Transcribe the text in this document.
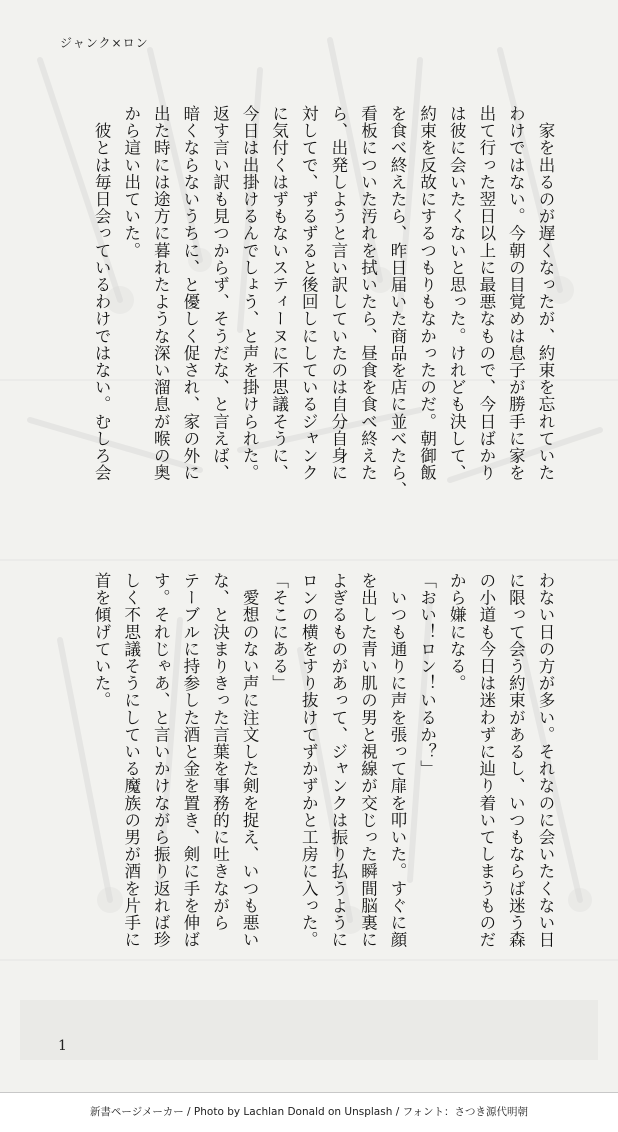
ジャンク×ロン
　家を出るのが遅くなったが、約束を忘れていた
わけではない。今朝の目覚めは息子が勝手に家を
出て行った翌日以上に最悪なもので、今日ばかり
は彼に会いたくないと思った。けれども決して、
約束を反故にするつもりもなかったのだ。朝御飯
を食べ終えたら、昨日届いた商品を店に並べたら、
看板についた汚れを拭いたら、昼食を食べ終えた
ら、出発しようと言い訳していたのは自分自身に
対してで、ずるずると後回しにしているジャンク
に気付くはずもないスティーヌに不思議そうに、
今日は出掛けるんでしょう、と声を掛けられた。
返す言い訳も見つからず、そうだな、と言えば、
暗くならないうちに、と優しく促され、家の外に
出た時には途方に暮れたような深い溜息が喉の奥
から這い出ていた。
　彼とは毎日会っているわけではない。むしろ会
わない日の方が多い。それなのに会いたくない日
に限って会う約束があるし、いつもならば迷う森
の小道も今日は迷わずに辿り着いてしまうものだ
から嫌になる。
「おい！ロン！いるか？」
　いつも通りに声を張って扉を叩いた。すぐに顔
を出した青い肌の男と視線が交じった瞬間脳裏に
よぎるものがあって、ジャンクは振り払うように
ロンの横をすり抜けてずかずかと工房に入った。
「そこにある」
　愛想のない声に注文した剣を捉え、いつも悪い
な、と決まりきった言葉を事務的に吐きながら
テーブルに持参した酒と金を置き、剣に手を伸ば
す。それじゃあ、と言いかけながら振り返れば珍
しく不思議そうにしている魔族の男が酒を片手に
首を傾げていた。
1
新書ページメーカー / Photo by Lachlan Donald on Unsplash / フォント：さつき源代明朝
